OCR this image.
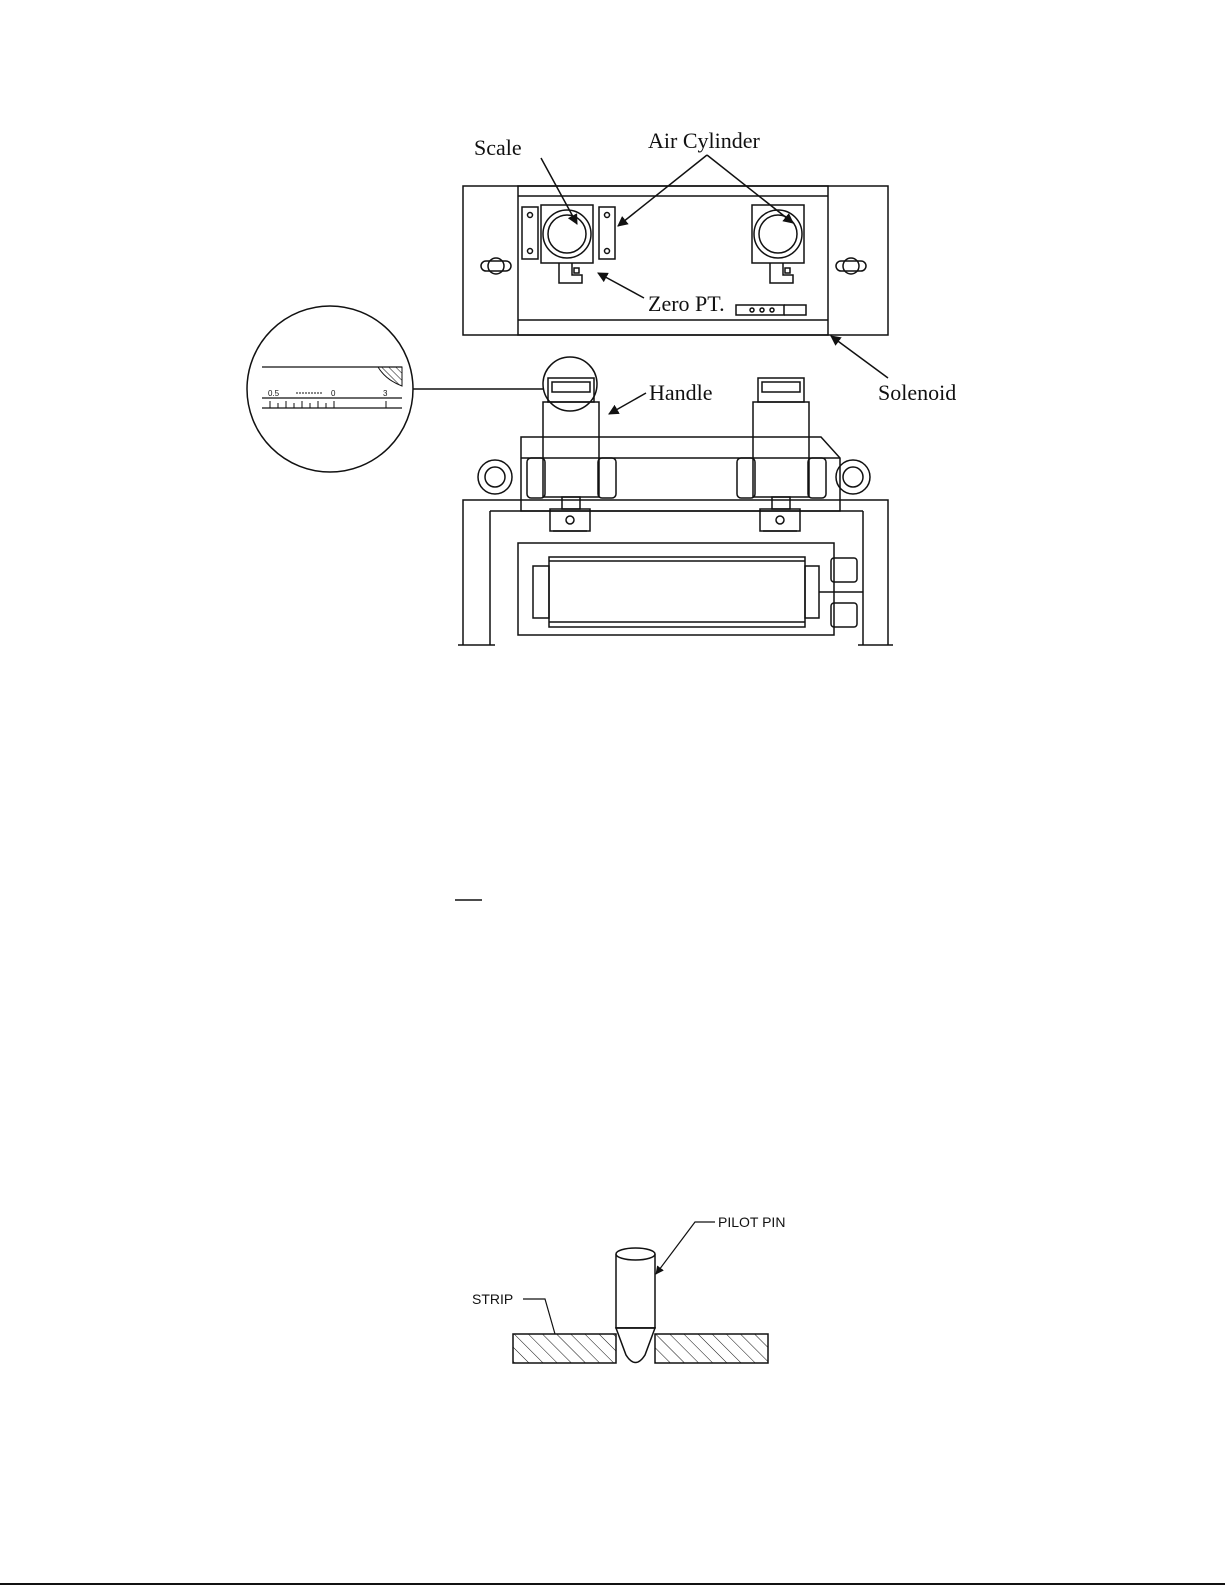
Scale	Air Cylinder
Zero PT.
Solenoid
Handle
0.5	0	3
PILOT PIN
STRIP
